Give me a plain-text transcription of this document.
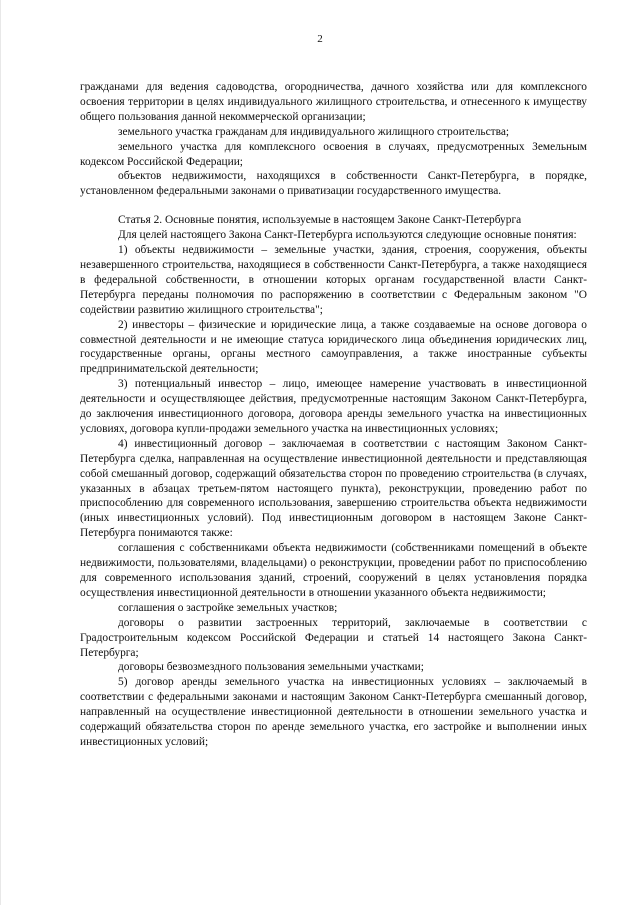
2

гражданами для ведения садоводства, огородничества, дачного хозяйства или для комплексного освоения территории в целях индивидуального жилищного строительства, и отнесенного к имуществу общего пользования данной некоммерческой организации;

земельного участка гражданам для индивидуального жилищного строительства;

земельного участка для комплексного освоения в случаях, предусмотренных Земельным кодексом Российской Федерации;

объектов недвижимости, находящихся в собственности Санкт-Петербурга, в порядке, установленном федеральными законами о приватизации государственного имущества.

Статья 2. Основные понятия, используемые в настоящем Законе Санкт-Петербурга

Для целей настоящего Закона Санкт-Петербурга используются следующие основные понятия:

1) объекты недвижимости – земельные участки, здания, строения, сооружения, объекты незавершенного строительства, находящиеся в собственности Санкт-Петербурга, а также находящиеся в федеральной собственности, в отношении которых органам государственной власти Санкт-Петербурга переданы полномочия по распоряжению в соответствии с Федеральным законом "О содействии развитию жилищного строительства";

2) инвесторы – физические и юридические лица, а также создаваемые на основе договора о совместной деятельности и не имеющие статуса юридического лица объединения юридических лиц, государственные органы, органы местного самоуправления, а также иностранные субъекты предпринимательской деятельности;

3) потенциальный инвестор – лицо, имеющее намерение участвовать в инвестиционной деятельности и осуществляющее действия, предусмотренные настоящим Законом Санкт-Петербурга, до заключения инвестиционного договора, договора аренды земельного участка на инвестиционных условиях, договора купли-продажи земельного участка на инвестиционных условиях;

4) инвестиционный договор – заключаемая в соответствии с настоящим Законом Санкт-Петербурга сделка, направленная на осуществление инвестиционной деятельности и представляющая собой смешанный договор, содержащий обязательства сторон по проведению строительства (в случаях, указанных в абзацах третьем-пятом настоящего пункта), реконструкции, проведению работ по приспособлению для современного использования, завершению строительства объекта недвижимости (иных инвестиционных условий). Под инвестиционным договором в настоящем Законе Санкт-Петербурга понимаются также:

соглашения с собственниками объекта недвижимости (собственниками помещений в объекте недвижимости, пользователями, владельцами) о реконструкции, проведении работ по приспособлению для современного использования зданий, строений, сооружений в целях установления порядка осуществления инвестиционной деятельности в отношении указанного объекта недвижимости;

соглашения о застройке земельных участков;

договоры о развитии застроенных территорий, заключаемые в соответствии с Градостроительным кодексом Российской Федерации и статьей 14 настоящего Закона Санкт-Петербурга;

договоры безвозмездного пользования земельными участками;

5) договор аренды земельного участка на инвестиционных условиях – заключаемый в соответствии с федеральными законами и настоящим Законом Санкт-Петербурга смешанный договор, направленный на осуществление инвестиционной деятельности в отношении земельного участка и содержащий обязательства сторон по аренде земельного участка, его застройке и выполнении иных инвестиционных условий;
